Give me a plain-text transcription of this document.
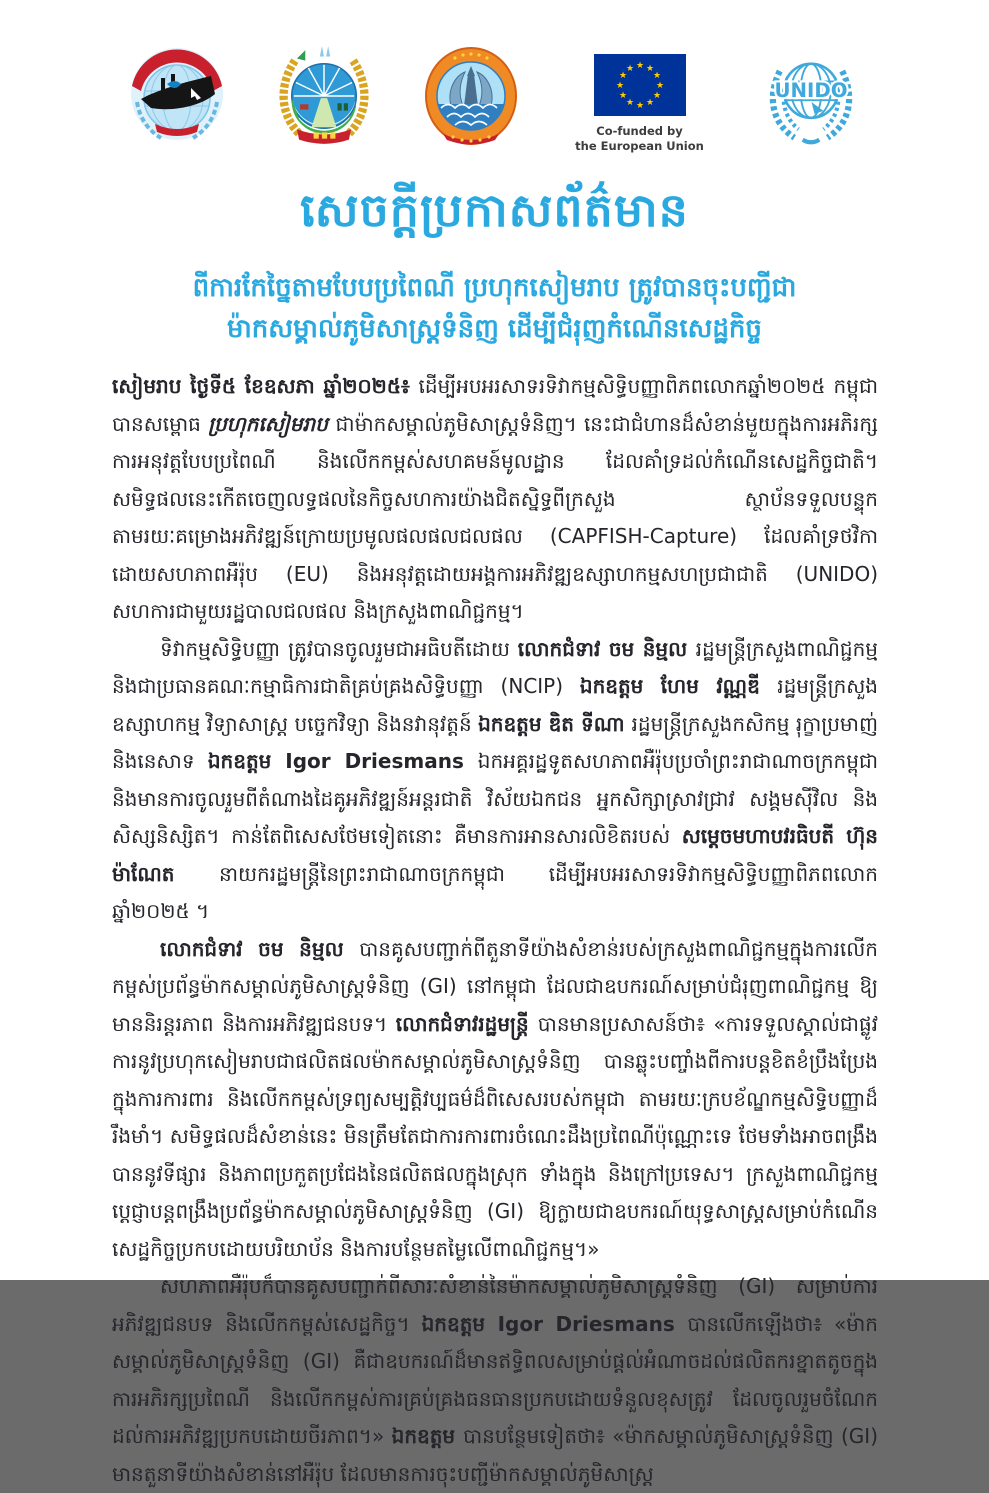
★ ★
★
★
★
★
★
★
★
★
★
★
Co-funded by
the European Union
UNIDO
សេចក្តីប្រកាសព័ត៌មាន
ពីការកែច្នៃតាមបែបប្រពៃណី ប្រហុកសៀមរាប ត្រូវបានចុះបញ្ជីជា
ម៉ាកសម្គាល់ភូមិសាស្ត្រទំនិញ ដើម្បីជំរុញកំណើនសេដ្ឋកិច្ច

សៀមរាប ថ្ងៃទី៥ ខែឧសភា ឆ្នាំ២០២៥៖ ដើម្បីអបអរសាទរទិវាកម្មសិទ្ធិបញ្ញាពិភពលោកឆ្នាំ២០២៥ កម្ពុជាបានសម្ពោធ ប្រហុកសៀមរាប ជាម៉ាកសម្គាល់ភូមិសាស្ត្រទំនិញ។ នេះជាជំហានដ៏សំខាន់មួយក្នុងការអភិរក្សការអនុវត្តបែបប្រពៃណី និងលើកកម្ពស់សហគមន៍មូលដ្ឋាន ដែលគាំទ្រដល់កំណើនសេដ្ឋកិច្ចជាតិ។ សមិទ្ធផលនេះកើតចេញលទ្ធផលនៃកិច្ចសហការយ៉ាងជិតស្និទ្ធពីក្រសួង ស្ថាប័នទទួលបន្ទុក តាមរយៈគម្រោងអភិវឌ្ឍន៍ក្រោយប្រមូលផលផលជលផល (CAPFISH-Capture) ដែលគាំទ្រថវិកាដោយសហភាពអឺរ៉ុប (EU) និងអនុវត្តដោយអង្គការអភិវឌ្ឍឧស្សាហកម្មសហប្រជាជាតិ (UNIDO) សហការជាមួយរដ្ឋបាលជលផល និងក្រសួងពាណិជ្ជកម្ម។

ទិវាកម្មសិទ្ធិបញ្ញា ត្រូវបានចូលរួមជាអធិបតីដោយ លោកជំទាវ ចម និម្មល រដ្ឋមន្ត្រីក្រសួងពាណិជ្ជកម្ម និងជាប្រធានគណៈកម្មាធិការជាតិគ្រប់គ្រងសិទ្ធិបញ្ញា (NCIP) ឯកឧត្តម ហែម វណ្ណឌី រដ្ឋមន្ត្រីក្រសួងឧស្សាហកម្ម វិទ្យាសាស្ត្រ បច្ចេកវិទ្យា និងនវានុវត្តន៍ ឯកឧត្តម ឌិត ទីណា រដ្ឋមន្ត្រីក្រសួងកសិកម្ម រុក្ខាប្រមាញ់ និងនេសាទ ឯកឧត្តម Igor Driesmans ឯកអគ្គរដ្ឋទូតសហភាពអឺរ៉ុបប្រចាំព្រះរាជាណាចក្រកម្ពុជា និងមានការចូលរួមពីតំណាងដៃគូអភិវឌ្ឍន៍អន្តរជាតិ វិស័យឯកជន អ្នកសិក្សាស្រាវជ្រាវ សង្គមស៊ីវិល និងសិស្សនិស្សិត។ កាន់តែពិសេសថែមទៀតនោះ គឺមានការអានសារលិខិតរបស់ សម្តេចមហាបវរធិបតី ហ៊ុន ម៉ាណែត នាយករដ្ឋមន្ត្រីនៃព្រះរាជាណាចក្រកម្ពុជា ដើម្បីអបអរសាទរទិវាកម្មសិទ្ធិបញ្ញាពិភពលោកឆ្នាំ២០២៥ ។

លោកជំទាវ ចម និម្មល បានគូសបញ្ជាក់ពីតួនាទីយ៉ាងសំខាន់របស់ក្រសួងពាណិជ្ជកម្មក្នុងការលើកកម្ពស់ប្រព័ន្ធម៉ាកសម្គាល់ភូមិសាស្ត្រទំនិញ (GI) នៅកម្ពុជា ដែលជាឧបករណ៍សម្រាប់ជំរុញពាណិជ្ជកម្ម ឱ្យមាននិរន្តរភាព និងការអភិវឌ្ឍជនបទ។ លោកជំទាវរដ្ឋមន្ត្រី បានមានប្រសាសន៍ថា៖ «ការទទួលស្គាល់ជាផ្លូវការនូវប្រហុកសៀមរាបជាផលិតផលម៉ាកសម្គាល់ភូមិសាស្ត្រទំនិញ បានឆ្លុះបញ្ចាំងពីការបន្តខិតខំប្រឹងប្រែងក្នុងការការពារ និងលើកកម្ពស់ទ្រព្យសម្បត្តិវប្បធម៌ដ៏ពិសេសរបស់កម្ពុជា តាមរយៈក្របខ័ណ្ឌកម្មសិទ្ធិបញ្ញាដ៏រឹងមាំ។ សមិទ្ធផលដ៏សំខាន់នេះ មិនត្រឹមតែជាការការពារចំណេះដឹងប្រពៃណីប៉ុណ្ណោះទេ ថែមទាំងអាចពង្រឹងបាននូវទីផ្សារ និងភាពប្រកួតប្រជែងនៃផលិតផលក្នុងស្រុក ទាំងក្នុង និងក្រៅប្រទេស។ ក្រសួងពាណិជ្ជកម្មប្តេជ្ញាបន្តពង្រឹងប្រព័ន្ធម៉ាកសម្គាល់ភូមិសាស្ត្រទំនិញ (GI) ឱ្យក្លាយជាឧបករណ៍យុទ្ធសាស្ត្រសម្រាប់កំណើនសេដ្ឋកិច្ចប្រកបដោយបរិយាប័ន និងការបន្ថែមតម្លៃលើពាណិជ្ជកម្ម។»

សហភាពអឺរ៉ុបក៏បានគូសបញ្ជាក់ពីសារៈសំខាន់នៃម៉ាកសម្គាល់ភូមិសាស្ត្រទំនិញ (GI) សម្រាប់ការអភិវឌ្ឍជនបទ និងលើកកម្ពស់សេដ្ឋកិច្ច។ ឯកឧត្តម Igor Driesmans បានលើកឡើងថា៖ «ម៉ាកសម្គាល់ភូមិសាស្ត្រទំនិញ (GI) គឺជាឧបករណ៍ដ៏មានឥទ្ធិពលសម្រាប់ផ្តល់អំណាចដល់ផលិតករខ្នាតតូចក្នុងការអភិរក្សប្រពៃណី និងលើកកម្ពស់ការគ្រប់គ្រងធនធានប្រកបដោយទំនួលខុសត្រូវ ដែលចូលរួមចំណែកដល់ការអភិវឌ្ឍប្រកបដោយចីរភាព។» ឯកឧត្តម បានបន្ថែមទៀតថា៖ «ម៉ាកសម្គាល់ភូមិសាស្ត្រទំនិញ (GI) មានតួនាទីយ៉ាងសំខាន់នៅអឺរ៉ុប ដែលមានការចុះបញ្ជីម៉ាកសម្គាល់ភូមិសាស្ត្រ
